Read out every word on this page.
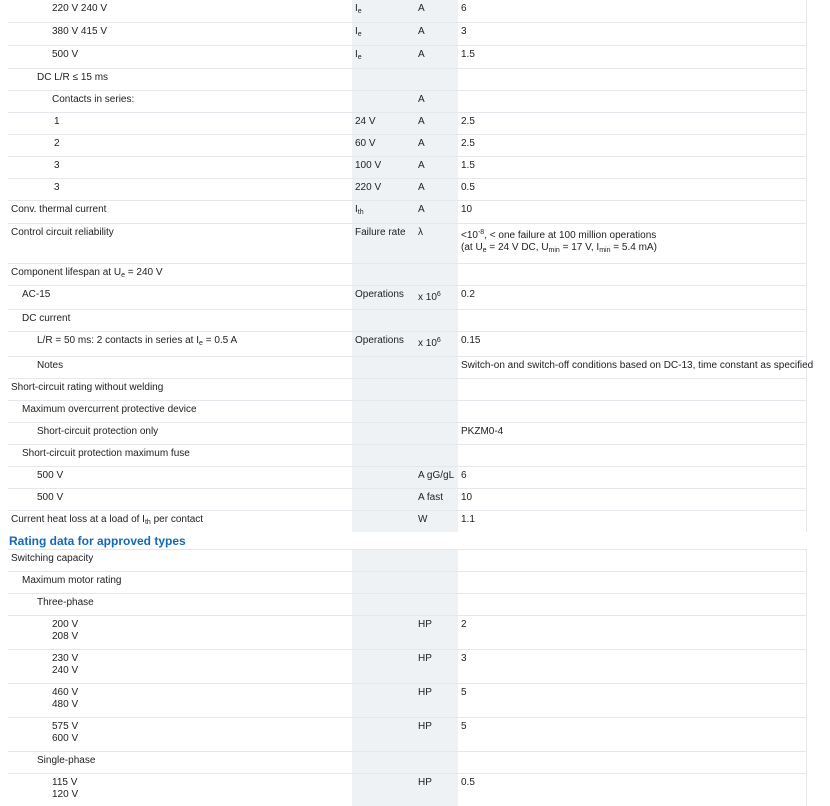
220 V 240 V	$I_e$	A	6

380 V 415 V	$I_e$	A	3

500 V	$I_e$	A	1.5

DC L/R ≤ 15 ms			

Contacts in series:		A	

1	24 V	A	2.5

2	60 V	A	2.5

3	100 V	A	1.5

3	220 V	A	0.5

Conv. thermal current	$I_{th}$	A	10

Control circuit reliability	Failure rate	λ	$<10^{-8}$, < one failure at 100 million operations
(at $U_e = 24$ V DC, $U_{min} = 17$ V, $I_{min} = 5.4$ mA)

Component lifespan at $U_e = 240$ V			

AC-15	Operations	x $10^6$	0.2

DC current			

L/R = 50 ms: 2 contacts in series at $I_e = 0.5$ A	Operations	x $10^6$	0.15

Notes			Switch-on and switch-off conditions based on DC-13, time constant as specified

Short-circuit rating without welding			

Maximum overcurrent protective device			

Short-circuit protection only			PKZM0-4

Short-circuit protection maximum fuse			

500 V		A gG/gL	6

500 V		A fast	10

Current heat loss at a load of $I_{th}$ per contact		W	1.1
Rating data for approved types
Switching capacity			

Maximum motor rating			

Three-phase			

200 V
208 V		HP	2

230 V
240 V		HP	3

460 V
480 V		HP	5

575 V
600 V		HP	5

Single-phase			

115 V
120 V		HP	0.5
